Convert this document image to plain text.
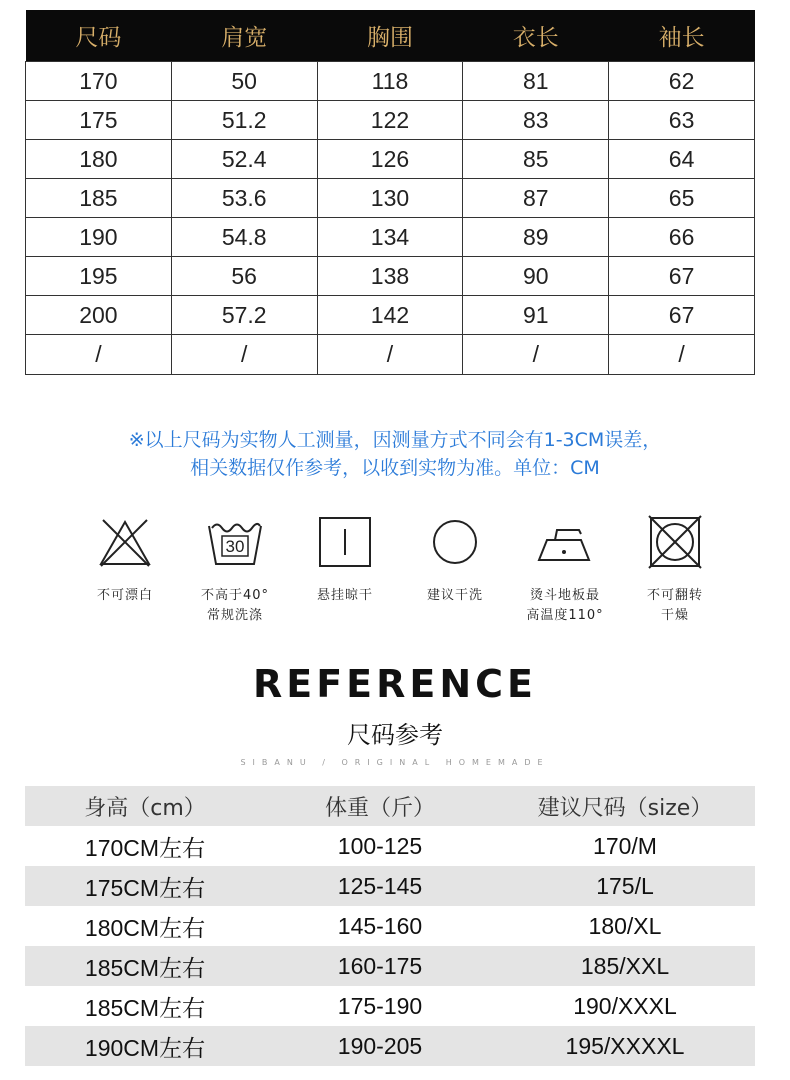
尺码	肩宽	胸围	衣长	袖长
170	50	118	81	62
175	51.2	122	83	63
180	52.4	126	85	64
185	53.6	130	87	65
190	54.8	134	89	66
195	56	138	90	67
200	57.2	142	91	67
/	/	/	/	/
※以上尺码为实物人工测量，因测量方式不同会有1-3CM误差，
相关数据仅作参考，以收到实物为准。单位：CM
不可漂白
30
不高于40°
常规洗涤
悬挂晾干	建议干洗	烫斗地板最
高温度110°
不可翻转
干燥
REFERENCE
尺码参考
SIBANU / ORIGINAL HOMEMADE
身高（cm）	体重（斤）	建议尺码（size）
170CM左右	100-125	170/M
175CM左右	125-145	175/L
180CM左右	145-160	180/XL
185CM左右	160-175	185/XXL
185CM左右	175-190	190/XXXL
190CM左右	190-205	195/XXXXL
